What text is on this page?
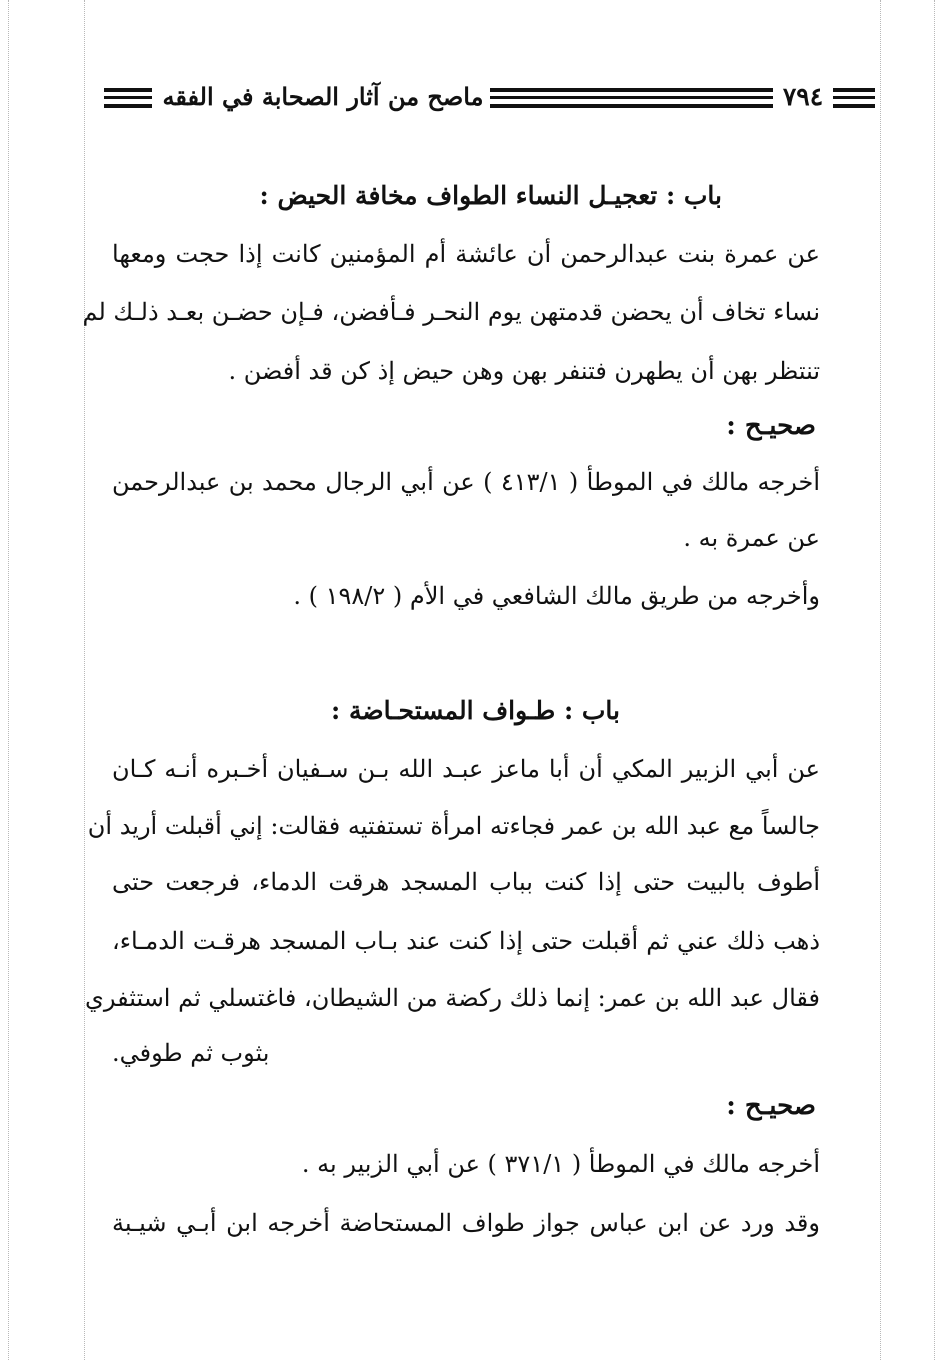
٧٩٤
ماصح من آثار الصحابة في الفقه
باب : تعجيـل النساء الطواف مخافة الحيض :
عن عمرة بنت عبدالرحمن أن عائشة أم المؤمنين كانت إذا حجت ومعها
نساء تخاف أن يحضن قدمتهن يوم النحـر فـأفضن، فـإن حضـن بعـد ذلـك لم
تنتظر بهن أن يطهرن فتنفر بهن وهن حيض إذ كن قد أفضن .
صحيـح :
أخرجه مالك في الموطأ ( ٤١٣/١ ) عن أبي الرجال محمد بن عبدالرحمن
عن عمرة به .
وأخرجه من طريق مالك الشافعي في الأم ( ١٩٨/٢ ) .
باب : طـواف المستحـاضة :
عن أبي الزبير المكي أن أبا ماعز عبـد الله بـن سـفيان أخـبره أنـه كـان
جالساً مع عبد الله بن عمر فجاءته امرأة تستفتيه فقالت: إني أقبلت أريد أن
أطوف بالبيت حتى إذا كنت بباب المسجد هرقت الدماء، فرجعت حتى
ذهب ذلك عني ثم أقبلت حتى إذا كنت عند بـاب المسجد هرقـت الدمـاء،
فقال عبد الله بن عمر: إنما ذلك ركضة من الشيطان، فاغتسلي ثم استثفري
بثوب ثم طوفي.
صحيـح :
أخرجه مالك في الموطأ ( ٣٧١/١ ) عن أبي الزبير به .
وقد ورد عن ابن عباس جواز طواف المستحاضة أخرجه ابن أبـي شيـبة
